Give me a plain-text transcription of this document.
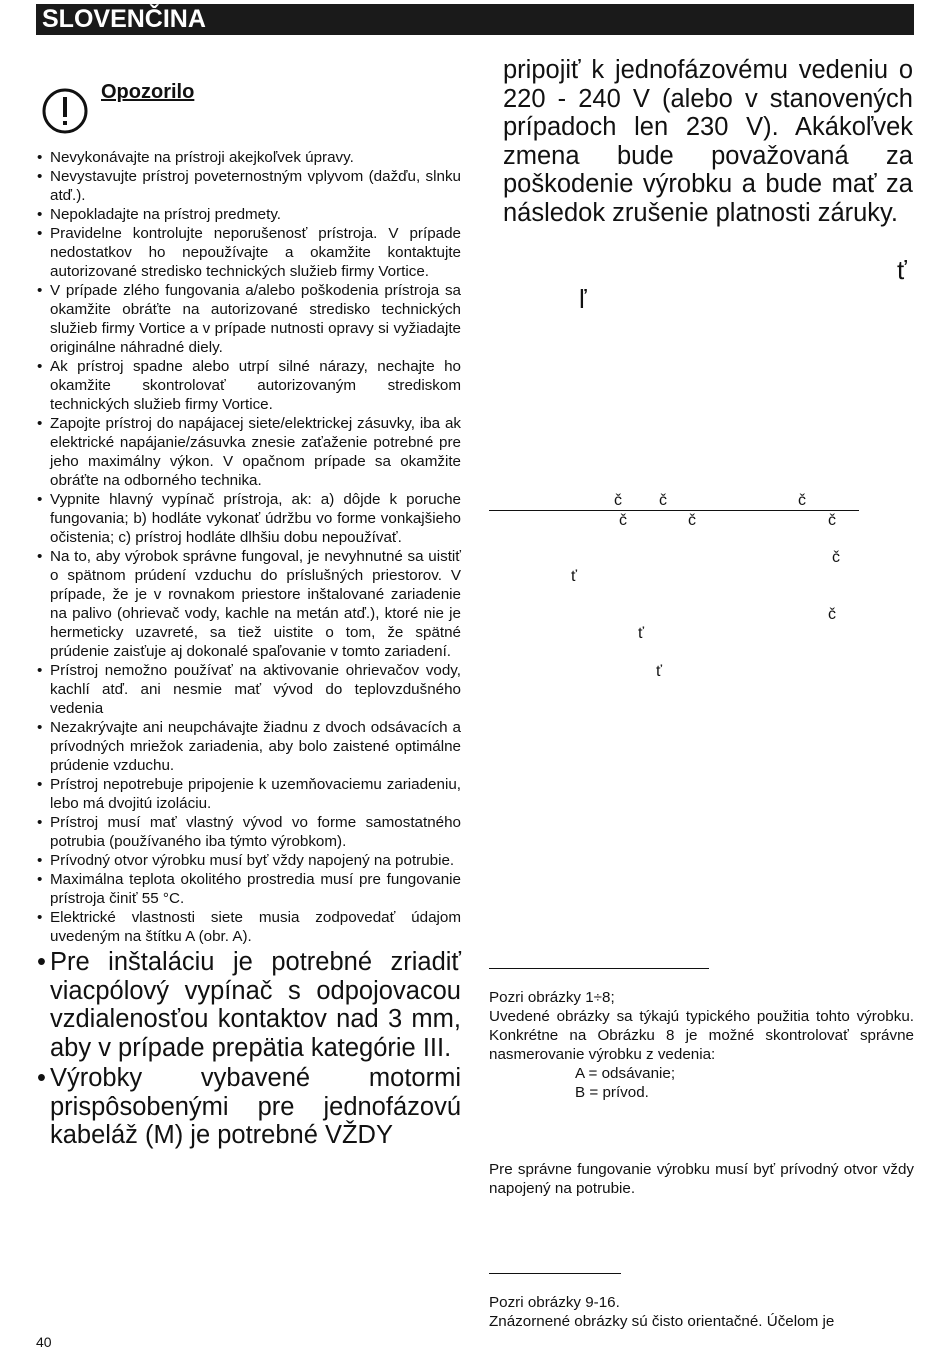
SLOVENČINA
Opozorilo
• Nevykonávajte na prístroji akejkoľvek úpravy.
• Nevystavujte prístroj poveternostným vplyvom (dažďu, slnku atď.).
• Nepokladajte na prístroj predmety.
• Pravidelne kontrolujte neporušenosť prístroja. V prípade nedostatkov ho nepoužívajte a okamžite kontaktujte autorizované stredisko technických služieb firmy Vortice.
• V prípade zlého fungovania a/alebo poškodenia prístroja sa okamžite obráťte na autorizované stredisko technických služieb firmy Vortice a v prípade nutnosti opravy si vyžiadajte originálne náhradné diely.
• Ak prístroj spadne alebo utrpí silné nárazy, nechajte ho okamžite skontrolovať autorizovaným strediskom technických služieb firmy Vortice.
• Zapojte prístroj do napájacej siete/elektrickej zásuvky, iba ak elektrické napájanie/zásuvka znesie zaťaženie potrebné pre jeho maximálny výkon. V opačnom prípade sa okamžite obráťte na odborného technika.
• Vypnite hlavný vypínač prístroja, ak: a) dôjde k poruche fungovania; b) hodláte vykonať údržbu vo forme vonkajšieho očistenia; c) prístroj hodláte dlhšiu dobu nepoužívať.
• Na to, aby výrobok správne fungoval, je nevyhnutné sa uistiť o spätnom prúdení vzduchu do príslušných priestorov. V prípade, že je v rovnakom priestore inštalované zariadenie na palivo (ohrievač vody, kachle na metán atď.), ktoré nie je hermeticky uzavreté, sa tiež uistite o tom, že spätné prúdenie zaisťuje aj dokonalé spaľovanie v tomto zariadení.
• Prístroj nemožno používať na aktivovanie ohrievačov vody, kachlí atď. ani nesmie mať vývod do teplovzdušného vedenia
• Nezakrývajte ani neupchávajte žiadnu z dvoch odsávacích a prívodných mriežok zariadenia, aby bolo zaistené optimálne prúdenie vzduchu.
• Prístroj nepotrebuje pripojenie k uzemňovaciemu zariadeniu, lebo má dvojitú izoláciu.
• Prístroj musí mať vlastný vývod vo forme samostatného potrubia (používaného iba týmto výrobkom).
• Prívodný otvor výrobku musí byť vždy napojený na potrubie.
• Maximálna teplota okolitého prostredia musí pre fungovanie prístroja činiť 55 °C.
• Elektrické vlastnosti siete musia zodpovedať údajom uvedeným na štítku A (obr. A).
• Pre inštaláciu je potrebné zriadiť viacpólový vypínač s odpojovacou vzdialenosťou kontaktov nad 3 mm, aby v prípade prepätia kategórie III.
• Výrobky vybavené motormi prispôsobenými pre jednofázovú kabeláž (M) je potrebné VŽDY

pripojiť k jednofázovému vedeniu o 220 - 240 V (alebo v stanovených prípadoch len 230 V). Akákoľvek zmena bude považovaná za poškodenie výrobku a bude mať za následok zrušenie platnosti záruky.

ť
ľ
č č	č
č	č	č
č
ť
č
ť
ť
Pozri obrázky 1÷8;
Uvedené obrázky sa týkajú typického použitia tohto výrobku. Konkrétne na Obrázku 8 je možné skontrolovať správne nasmerovanie výrobku z vedenia:
A = odsávanie;
B = prívod.

Pre správne fungovanie výrobku musí byť prívodný otvor vždy napojený na potrubie.

Pozri obrázky 9-16.
Znázornené obrázky sú čisto orientačné. Účelom je
40
